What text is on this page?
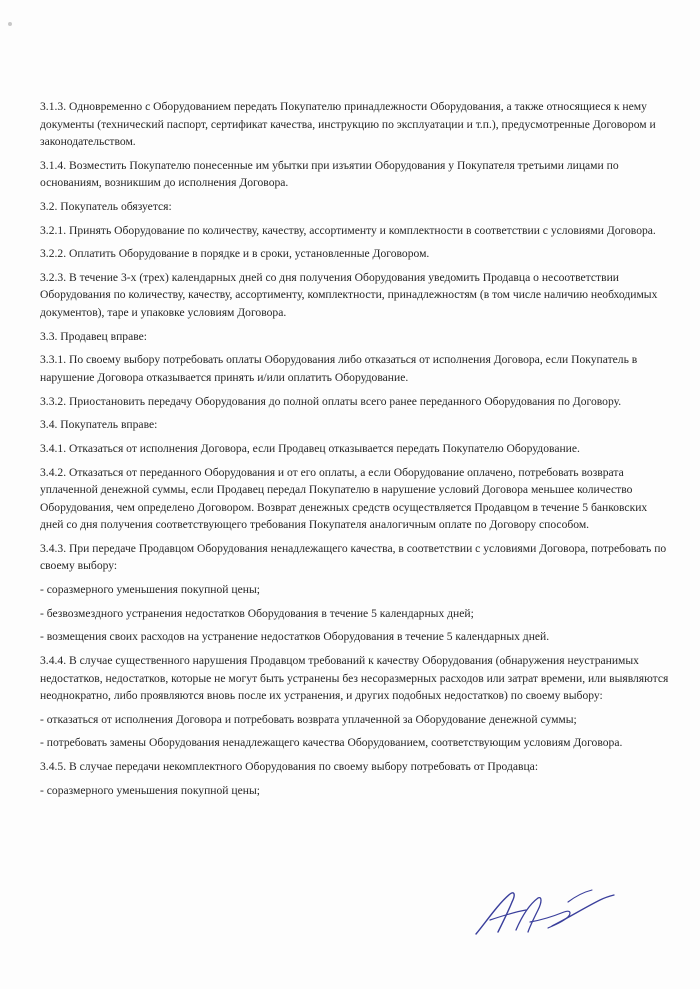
3.1.3. Одновременно с Оборудованием передать Покупателю принадлежности Оборудования, а также относящиеся к нему документы (технический паспорт, сертификат качества, инструкцию по эксплуатации и т.п.), предусмотренные Договором и законодательством.

3.1.4. Возместить Покупателю понесенные им убытки при изъятии Оборудования у Покупателя третьими лицами по основаниям, возникшим до исполнения Договора.

3.2. Покупатель обязуется:

3.2.1. Принять Оборудование по количеству, качеству, ассортименту и комплектности в соответствии с условиями Договора.

3.2.2. Оплатить Оборудование в порядке и в сроки, установленные Договором.

3.2.3. В течение 3-х (трех) календарных дней со дня получения Оборудования уведомить Продавца о несоответствии Оборудования по количеству, качеству, ассортименту, комплектности, принадлежностям (в том числе наличию необходимых документов), таре и упаковке условиям Договора.

3.3. Продавец вправе:

3.3.1. По своему выбору потребовать оплаты Оборудования либо отказаться от исполнения Договора, если Покупатель в нарушение Договора отказывается принять и/или оплатить Оборудование.

3.3.2. Приостановить передачу Оборудования до полной оплаты всего ранее переданного Оборудования по Договору.

3.4. Покупатель вправе:

3.4.1. Отказаться от исполнения Договора, если Продавец отказывается передать Покупателю Оборудование.

3.4.2. Отказаться от переданного Оборудования и от его оплаты, а если Оборудование оплачено, потребовать возврата уплаченной денежной суммы, если Продавец передал Покупателю в нарушение условий Договора меньшее количество Оборудования, чем определено Договором. Возврат денежных средств осуществляется Продавцом в течение 5 банковских дней со дня получения соответствующего требования Покупателя аналогичным оплате по Договору способом.

3.4.3. При передаче Продавцом Оборудования ненадлежащего качества, в соответствии с условиями Договора, потребовать по своему выбору:

- соразмерного уменьшения покупной цены;

- безвозмездного устранения недостатков Оборудования в течение 5 календарных дней;

- возмещения своих расходов на устранение недостатков Оборудования в течение 5 календарных дней.

3.4.4. В случае существенного нарушения Продавцом требований к качеству Оборудования (обнаружения неустранимых недостатков, недостатков, которые не могут быть устранены без несоразмерных расходов или затрат времени, или выявляются неоднократно, либо проявляются вновь после их устранения, и других подобных недостатков) по своему выбору:

- отказаться от исполнения Договора и потребовать возврата уплаченной за Оборудование денежной суммы;

- потребовать замены Оборудования ненадлежащего качества Оборудованием, соответствующим условиям Договора.

3.4.5. В случае передачи некомплектного Оборудования по своему выбору потребовать от Продавца:

- соразмерного уменьшения покупной цены;
